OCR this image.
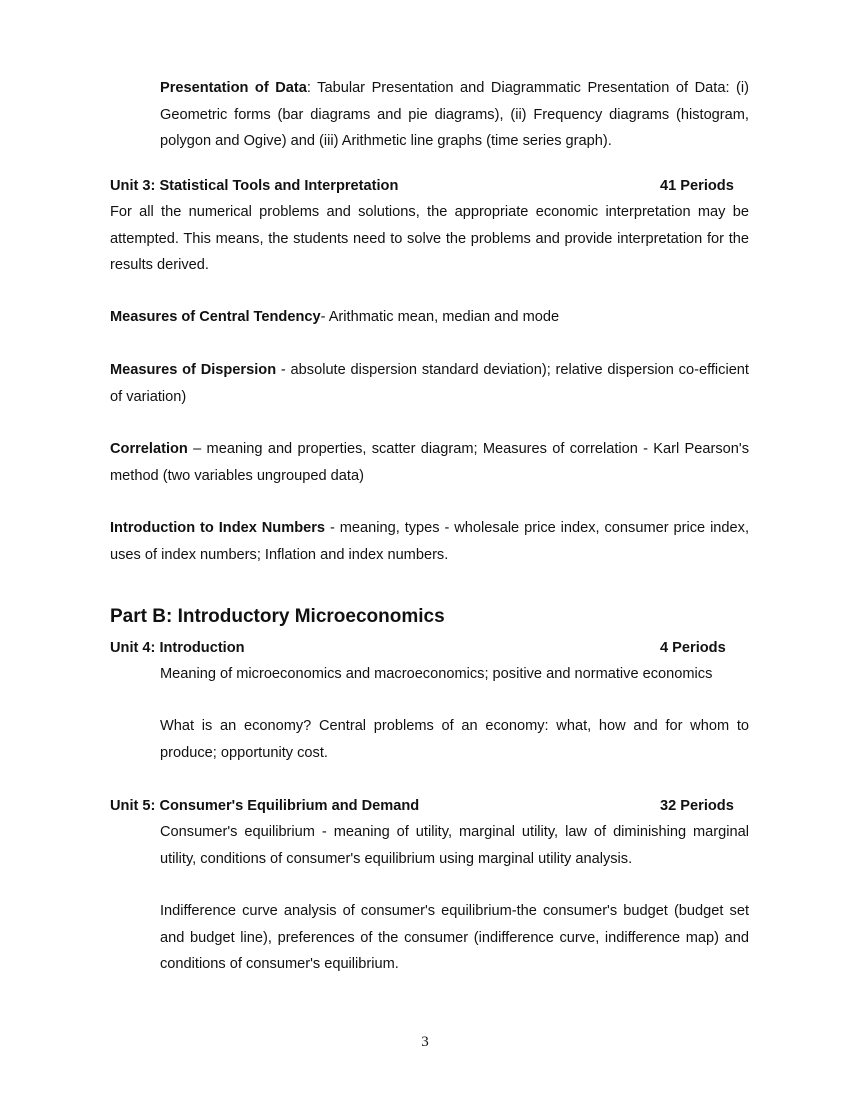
Presentation of Data: Tabular Presentation and Diagrammatic Presentation of Data: (i) Geometric forms (bar diagrams and pie diagrams), (ii) Frequency diagrams (histogram, polygon and Ogive) and (iii) Arithmetic line graphs (time series graph).

Unit 3: Statistical Tools and Interpretation	41 Periods

For all the numerical problems and solutions, the appropriate economic interpretation may be attempted. This means, the students need to solve the problems and provide interpretation for the results derived.

Measures of Central Tendency- Arithmatic mean, median and mode

Measures of Dispersion - absolute dispersion standard deviation); relative dispersion co-efficient of variation)

Correlation – meaning and properties, scatter diagram; Measures of correlation - Karl Pearson's method (two variables ungrouped data)

Introduction to Index Numbers - meaning, types - wholesale price index, consumer price index, uses of index numbers; Inflation and index numbers.

Part B: Introductory Microeconomics
Unit 4: Introduction	4 Periods

Meaning of microeconomics and macroeconomics; positive and normative economics

What is an economy? Central problems of an economy: what, how and for whom to produce; opportunity cost.

Unit 5: Consumer's Equilibrium and Demand	32 Periods

Consumer's equilibrium - meaning of utility, marginal utility, law of diminishing marginal utility, conditions of consumer's equilibrium using marginal utility analysis.

Indifference curve analysis of consumer's equilibrium-the consumer's budget (budget set and budget line), preferences of the consumer (indifference curve, indifference map) and conditions of consumer's equilibrium.

3
